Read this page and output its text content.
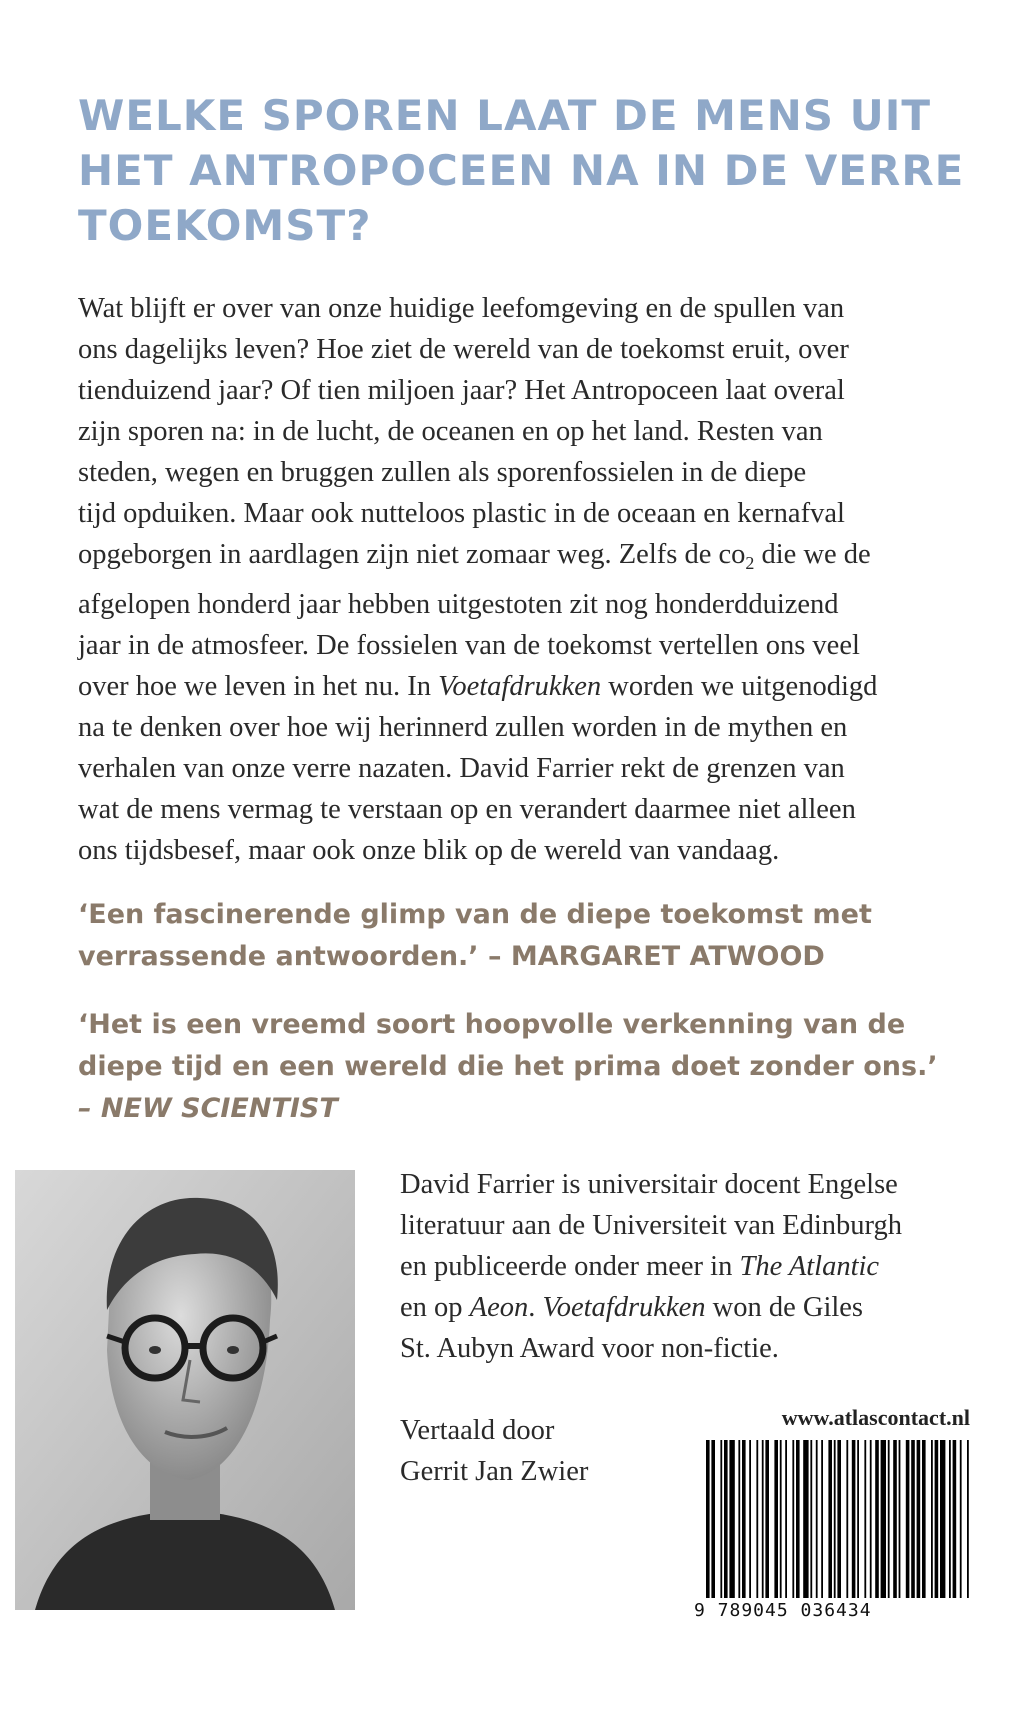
WELKE SPOREN LAAT DE MENS UIT
HET ANTROPOCEEN NA IN DE VERRE
TOEKOMST?
Wat blijft er over van onze huidige leefomgeving en de spullen van
ons dagelijks leven? Hoe ziet de wereld van de toekomst eruit, over
tienduizend jaar? Of tien miljoen jaar? Het Antropoceen laat overal
zijn sporen na: in de lucht, de oceanen en op het land. Resten van
steden, wegen en bruggen zullen als sporenfossielen in de diepe
tijd opduiken. Maar ook nutteloos plastic in de oceaan en kernafval
opgeborgen in aardlagen zijn niet zomaar weg. Zelfs de $co_2$ die we de
afgelopen honderd jaar hebben uitgestoten zit nog honderdduizend
jaar in de atmosfeer. De fossielen van de toekomst vertellen ons veel
over hoe we leven in het nu. In Voetafdrukken worden we uitgenodigd
na te denken over hoe wij herinnerd zullen worden in de mythen en
verhalen van onze verre nazaten. David Farrier rekt de grenzen van
wat de mens vermag te verstaan op en verandert daarmee niet alleen
ons tijdsbesef, maar ook onze blik op de wereld van vandaag.
‘Een fascinerende glimp van de diepe toekomst met
verrassende antwoorden.’ – MARGARET ATWOOD
‘Het is een vreemd soort hoopvolle verkenning van de
diepe tijd en een wereld die het prima doet zonder ons.’
– NEW SCIENTIST
David Farrier is universitair docent Engelse
literatuur aan de Universiteit van Edinburgh
en publiceerde onder meer in The Atlantic
en op Aeon. Voetafdrukken won de Giles
St. Aubyn Award voor non-fictie.
Vertaald door
Gerrit Jan Zwier
www.atlascontact.nl
9 789045 036434
